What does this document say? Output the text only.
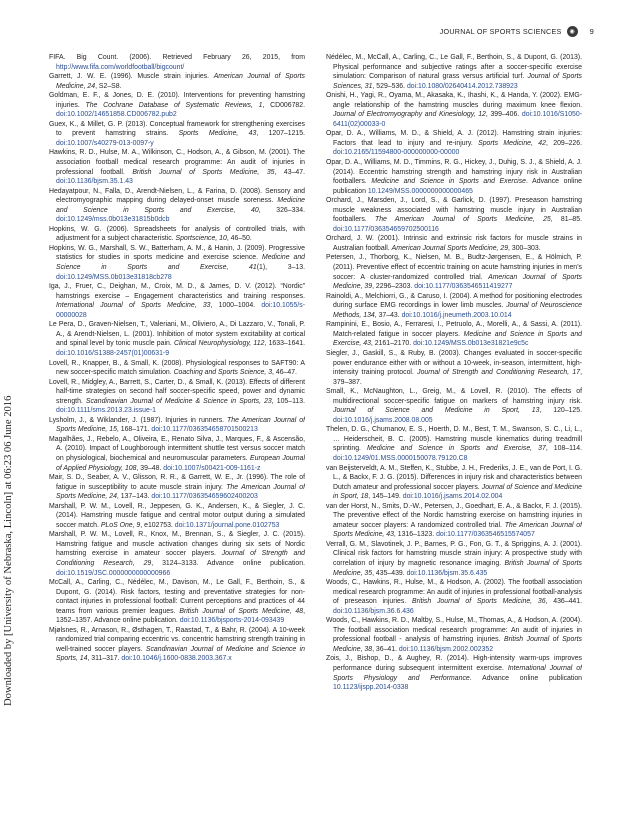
JOURNAL OF SPORTS SCIENCES	◉	9
Downloaded by [University of Nebraska, Lincoln] at 06:23 06 June 2016

FIFA. Big Count. (2006). Retrieved February 26, 2015, from http://www.fifa.com/worldfootball/bigcount/

Garrett, J. W. E. (1996). Muscle strain injuries. American Journal of Sports Medicine, 24, S2–S8.

Goldman, E. F., & Jones, D. E. (2010). Interventions for preventing hamstring injuries. The Cochrane Database of Systematic Reviews, 1, CD006782. doi:10.1002/14651858.CD006782.pub2

Guex, K., & Millet, G. P. (2013). Conceptual framework for strengthening exercises to prevent hamstring strains. Sports Medicine, 43, 1207–1215. doi:10.1007/s40279-013-0097-y

Hawkins, R. D., Hulse, M. A., Wilkinson, C., Hodson, A., & Gibson, M. (2001). The association football medical research programme: An audit of injuries in professional football. British Journal of Sports Medicine, 35, 43–47. doi:10.1136/bjsm.35.1.43

Hedayatpour, N., Falla, D., Arendt-Nielsen, L., & Farina, D. (2008). Sensory and electromyographic mapping during delayed-onset muscle soreness. Medicine and Science in Sports and Exercise, 40, 326–334. doi:10.1249/mss.0b013e31815b0dcb

Hopkins, W. G. (2006). Spreadsheets for analysis of controlled trials, with adjustment for a subject characteristic. Sportscience, 10, 46–50.

Hopkins, W. G., Marshall, S. W., Batterham, A. M., & Hanin, J. (2009). Progressive statistics for studies in sports medicine and exercise science. Medicine and Science in Sports and Exercise, 41(1), 3–13. doi:10.1249/MSS.0b013e31818cb278

Iga, J., Fruer, C., Deighan, M., Croix, M. D., & James, D. V. (2012). “Nordic” hamstrings exercise – Engagement characteristics and training responses. International Journal of Sports Medicine, 33, 1000–1004. doi:10.1055/s-00000028

Le Pera, D., Graven-Nielsen, T., Valeriani, M., Oliviero, A., Di Lazzaro, V., Tonali, P. A., & Arendt-Nielsen, L. (2001). Inhibition of motor system excitability at cortical and spinal level by tonic muscle pain. Clinical Neurophysiology, 112, 1633–1641. doi:10.1016/S1388-2457(01)00631-9

Lovell, R., Knapper, B., & Small, K. (2008). Physiological responses to SAFT90: A new soccer-specific match simulation. Coaching and Sports Science, 3, 46–47.

Lovell, R., Midgley, A., Barrett, S., Carter, D., & Small, K. (2013). Effects of different half-time strategies on second half soccer-specific speed, power and dynamic strength. Scandinavian Journal of Medicine & Science in Sports, 23, 105–113. doi:10.1111/sms.2013.23.issue-1

Lysholm, J., & Wiklander, J. (1987). Injuries in runners. The American Journal of Sports Medicine, 15, 168–171. doi:10.1177/036354658701500213

Magalhães, J., Rebelo, A., Oliveira, E., Renato Silva, J., Marques, F., & Ascensão, A. (2010). Impact of Loughborough intermittent shuttle test versus soccer match on physiological, biochemical and neuromuscular parameters. European Journal of Applied Physiology, 108, 39–48. doi:10.1007/s00421-009-1161-z

Mair, S. D., Seaber, A. V., Glisson, R. R., & Garrett, W. E., Jr. (1996). The role of fatigue in susceptibility to acute muscle strain injury. The American Journal of Sports Medicine, 24, 137–143. doi:10.1177/036354659602400203

Marshall, P. W. M., Lovell, R., Jeppesen, G. K., Andersen, K., & Siegler, J. C. (2014). Hamstring muscle fatigue and central motor output during a simulated soccer match. PLoS One, 9, e102753. doi:10.1371/journal.pone.0102753

Marshall, P. W. M., Lovell, R., Knox, M., Brennan, S., & Siegler, J. C. (2015). Hamstring fatigue and muscle activation changes during six sets of Nordic hamstring exercise in amateur soccer players. Journal of Strength and Conditioning Research, 29, 3124–3133. Advance online publication. doi:10.1519/JSC.0000000000000966

McCall, A., Carling, C., Nédélec, M., Davison, M., Le Gall, F., Berthoin, S., & Dupont, G. (2014). Risk factors, testing and preventative strategies for non-contact injuries in professional football: Current perceptions and practices of 44 teams from various premier leagues. British Journal of Sports Medicine, 48, 1352–1357. Advance online publication. doi:10.1136/bjsports-2014-093439

Mjølsnes, R., Arnason, R., Østhagen, T., Raastad, T., & Bahr, R. (2004). A 10-week randomized trial comparing eccentric vs. concentric hamstring strength training in well-trained soccer players. Scandinavian Journal of Medicine and Science in Sports, 14, 311–317. doi:10.1046/j.1600-0838.2003.367.x

Nédélec, M., McCall, A., Carling, C., Le Gall, F., Berthoin, S., & Dupont, G. (2013). Physical performance and subjective ratings after a soccer-specific exercise simulation: Comparison of natural grass versus artificial turf. Journal of Sports Sciences, 31, 529–536. doi:10.1080/02640414.2012.738923

Onishi, H., Yagi, R., Oyama, M., Akasaka, K., Ihashi, K., & Handa, Y. (2002). EMG-angle relationship of the hamstring muscles during maximum knee flexion. Journal of Electromyography and Kinesiology, 12, 399–406. doi:10.1016/S1050-6411(02)00033-0

Opar, D. A., Williams, M. D., & Shield, A. J. (2012). Hamstring strain injuries: Factors that lead to injury and re-injury. Sports Medicine, 42, 209–226. doi:10.2165/11594800-000000000-00000

Opar, D. A., Williams, M. D., Timmins, R. G., Hickey, J., Duhig, S. J., & Shield, A. J. (2014). Eccentric hamstring strength and hamstring injury risk in Australian footballers. Medicine and Science in Sports and Exercise. Advance online publication 10.1249/MSS.0000000000000465

Orchard, J., Marsden, J., Lord, S., & Garlick, D. (1997). Preseason hamstring muscle weakness associated with hamstring muscle injury in Australian footballers. The American Journal of Sports Medicine, 25, 81–85. doi:10.1177/036354659702500116

Orchard, J. W. (2001). Intrinsic and extrinsic risk factors for muscle strains in Australian football. American Journal Sports Medicine, 29, 300–303.

Petersen, J., Thorborg, K., Nielsen, M. B., Budtz-Jørgensen, E., & Hölmich, P. (2011). Preventive effect of eccentric training on acute hamstring injuries in men’s soccer: A cluster-randomized controlled trial. American Journal of Sports Medicine, 39, 2296–2303. doi:10.1177/0363546511419277

Rainoldi, A., Melchiorri, G., & Caruso, I. (2004). A method for positioning electrodes during surface EMG recordings in lower limb muscles. Journal of Neuroscience Methods, 134, 37–43. doi:10.1016/j.jneumeth.2003.10.014

Rampinini, E., Bosio, A., Ferraresi, I., Petruolo, A., Morelli, A., & Sassi, A. (2011). Match-related fatigue in soccer players. Medicine and Science in Sports and Exercise, 43, 2161–2170. doi:10.1249/MSS.0b013e31821e9c5c

Siegler, J., Gaskill, S., & Ruby, B. (2003). Changes evaluated in soccer-specific power endurance either with or without a 10-week, in-season, intermittent, high-intensity training protocol. Journal of Strength and Conditioning Research, 17, 379–387.

Small, K., McNaughton, L., Greig, M., & Lovell, R. (2010). The effects of multidirectional soccer-specific fatigue on markers of hamstring injury risk. Journal of Science and Medicine in Sport, 13, 120–125. doi:10.1016/j.jsams.2008.08.005

Thelen, D. G., Chumanov, E. S., Hoerth, D. M., Best, T. M., Swanson, S. C., Li, L., … Heiderscheit, B. C. (2005). Hamstring muscle kinematics during treadmill sprinting. Medicine and Science in Sports and Exercise, 37, 108–114. doi:10.1249/01.MSS.0000150078.79120.C8

van Beijsterveldt, A. M., Steffen, K., Stubbe, J. H., Frederiks, J. E., van de Port, I. G. L., & Backx, F. J. G. (2015). Differences in injury risk and characteristics between Dutch amateur and professional soccer players. Journal of Science and Medicine in Sport, 18, 145–149. doi:10.1016/j.jsams.2014.02.004

van der Horst, N., Smits, D.-W., Petersen, J., Goedhart, E. A., & Backx, F. J. (2015). The preventive effect of the Nordic hamstring exercise on hamstring injuries in amateur soccer players: A randomized controlled trial. The American Journal of Sports Medicine, 43, 1316–1323. doi:10.1177/0363546515574057

Verrall, G. M., Slavotinek, J. P., Barnes, P. G., Fon, G. T., & Spriggins, A. J. (2001). Clinical risk factors for hamstring muscle strain injury: A prospective study with correlation of injury by magnetic resonance imaging. British Journal of Sports Medicine, 35, 435–439. doi:10.1136/bjsm.35.6.435

Woods, C., Hawkins, R., Hulse, M., & Hodson, A. (2002). The football association medical research programme: An audit of injuries in professional football-analysis of preseason injuries. British Journal of Sports Medicine, 36, 436–441. doi:10.1136/bjsm.36.6.436

Woods, C., Hawkins, R. D., Maltby, S., Hulse, M., Thomas, A., & Hodson, A. (2004). The football association medical research programme: An audit of injuries in professional football - analysis of hamstring injuries. British Journal of Sports Medicine, 38, 36–41. doi:10.1136/bjsm.2002.002352

Zois, J., Bishop, D., & Aughey, R. (2014). High-intensity warm-ups improves performance during subsequent intermittent exercise. International Journal of Sports Physiology and Performance. Advance online publication 10.1123/ijspp.2014-0338
